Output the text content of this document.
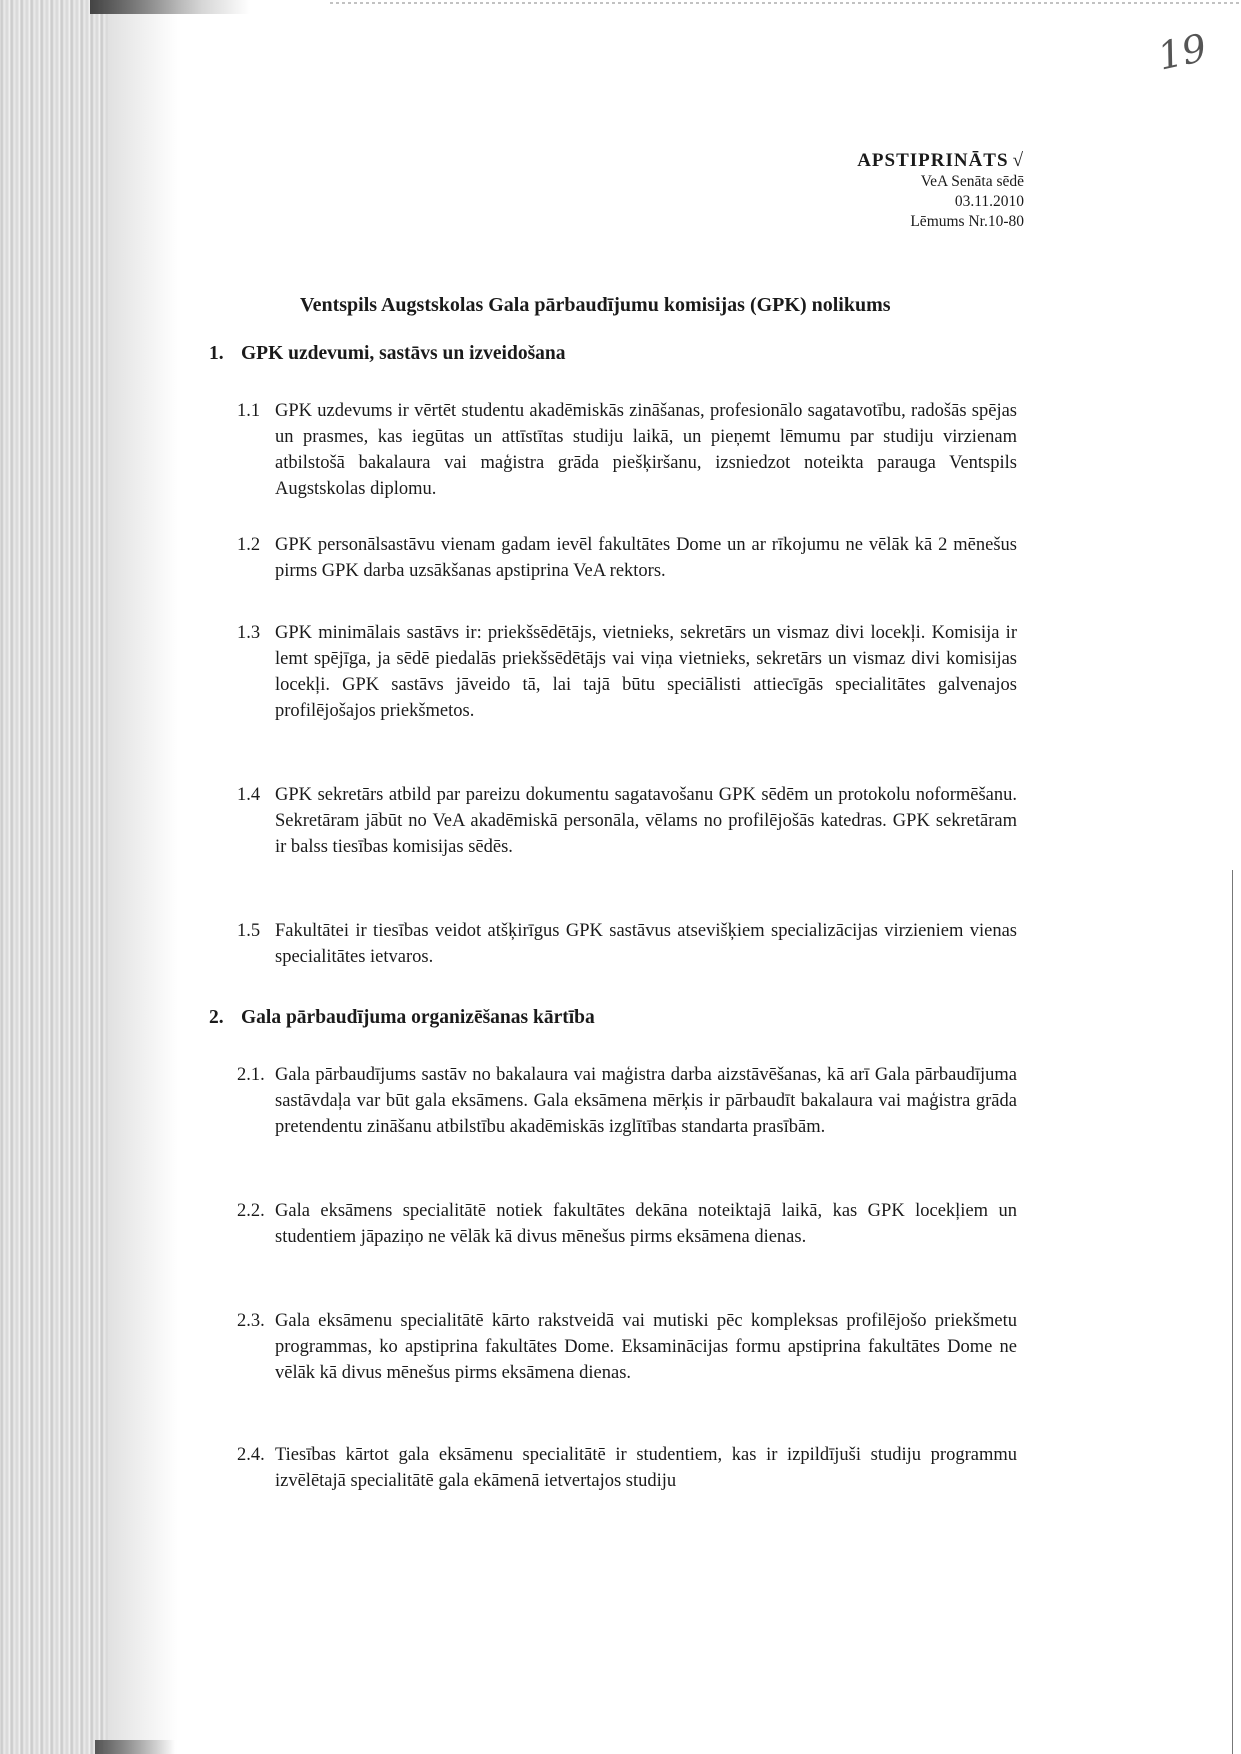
19
APSTIPRINĀTS √
VeA Senāta sēdē
03.11.2010
Lēmums Nr.10-80
Ventspils Augstskolas Gala pārbaudījumu komisijas (GPK) nolikums
1. GPK uzdevumi, sastāvs un izveidošana
1.1 GPK uzdevums ir vērtēt studentu akadēmiskās zināšanas, profesionālo sagatavotību, radošās spējas un prasmes, kas iegūtas un attīstītas studiju laikā, un pieņemt lēmumu par studiju virzienam atbilstošā bakalaura vai maģistra grāda piešķiršanu, izsniedzot noteikta parauga Ventspils Augstskolas diplomu.
1.2 GPK personālsastāvu vienam gadam ievēl fakultātes Dome un ar rīkojumu ne vēlāk kā 2 mēnešus pirms GPK darba uzsākšanas apstiprina VeA rektors.
1.3 GPK minimālais sastāvs ir: priekšsēdētājs, vietnieks, sekretārs un vismaz divi locekļi. Komisija ir lemt spējīga, ja sēdē piedalās priekšsēdētājs vai viņa vietnieks, sekretārs un vismaz divi komisijas locekļi. GPK sastāvs jāveido tā, lai tajā būtu speciālisti attiecīgās specialitātes galvenajos profilējošajos priekšmetos.
1.4 GPK sekretārs atbild par pareizu dokumentu sagatavošanu GPK sēdēm un protokolu noformēšanu. Sekretāram jābūt no VeA akadēmiskā personāla, vēlams no profilējošās katedras. GPK sekretāram ir balss tiesības komisijas sēdēs.
1.5 Fakultātei ir tiesības veidot atšķirīgus GPK sastāvus atsevišķiem specializācijas virzieniem vienas specialitātes ietvaros.
2. Gala pārbaudījuma organizēšanas kārtība
2.1. Gala pārbaudījums sastāv no bakalaura vai maģistra darba aizstāvēšanas, kā arī Gala pārbaudījuma sastāvdaļa var būt gala eksāmens. Gala eksāmena mērķis ir pārbaudīt bakalaura vai maģistra grāda pretendentu zināšanu atbilstību akadēmiskās izglītības standarta prasībām.
2.2. Gala eksāmens specialitātē notiek fakultātes dekāna noteiktajā laikā, kas GPK locekļiem un studentiem jāpaziņo ne vēlāk kā divus mēnešus pirms eksāmena dienas.
2.3. Gala eksāmenu specialitātē kārto rakstveidā vai mutiski pēc kompleksas profilējošo priekšmetu programmas, ko apstiprina fakultātes Dome. Eksaminācijas formu apstiprina fakultātes Dome ne vēlāk kā divus mēnešus pirms eksāmena dienas.
2.4. Tiesības kārtot gala eksāmenu specialitātē ir studentiem, kas ir izpildījuši studiju programmu izvēlētajā specialitātē gala ekāmenā ietvertajos studiju
